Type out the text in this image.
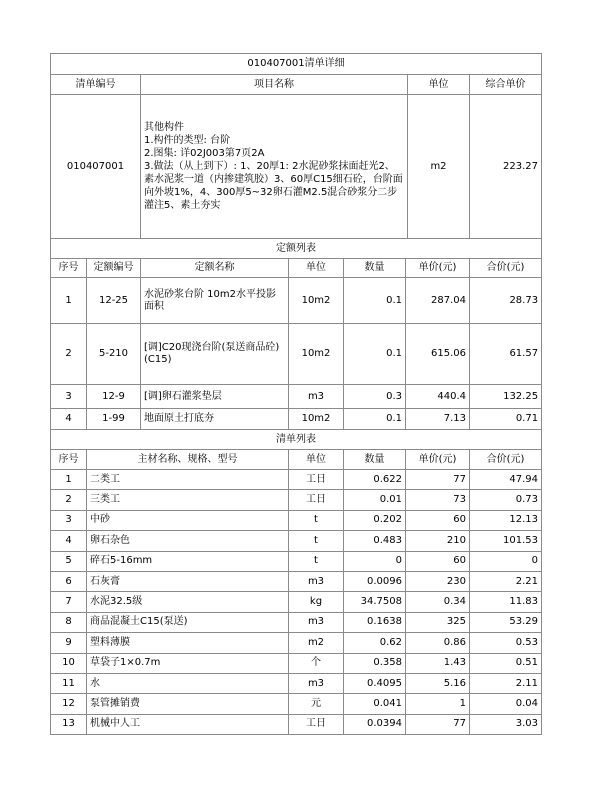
010407001清单详细			
清单编号	项目名称	单位	综合单价
010407001	其他构件
1.构件的类型: 台阶
2.图集: 详02J003第7页2A
3.做法（从上到下）: 1、20厚1: 2水泥砂浆抹面赶光2、素水泥浆一道（内掺建筑胶）3、60厚C15细石砼，台阶面向外坡1%，4、300厚5~32卵石灌M2.5混合砂浆分二步灌注5、素土夯实	m2	223.27
定额列表						
序号	定额编号	定额名称	单位	数量	单价(元)	合价(元)
1	12-25	水泥砂浆台阶 10m2水平投影面积	10m2	0.1	287.04	28.73
2	5-210	[调]C20现浇台阶(泵送商品砼)(C15)	10m2	0.1	615.06	61.57
3	12-9	[调]卵石灌浆垫层	m3	0.3	440.4	132.25
4	1-99	地面原土打底夯	10m2	0.1	7.13	0.71
清单列表					
序号	主材名称、规格、型号	单位	数量	单价(元)	合价(元)
1	二类工	工日	0.622	77	47.94
2	三类工	工日	0.01	73	0.73
3	中砂	t	0.202	60	12.13
4	卵石杂色	t	0.483	210	101.53
5	碎石5-16mm	t	0	60	0
6	石灰膏	m3	0.0096	230	2.21
7	水泥32.5级	kg	34.7508	0.34	11.83
8	商品混凝土C15(泵送)	m3	0.1638	325	53.29
9	塑料薄膜	m2	0.62	0.86	0.53
10	草袋子1×0.7m	个	0.358	1.43	0.51
11	水	m3	0.4095	5.16	2.11
12	泵管摊销费	元	0.041	1	0.04
13	机械中人工	工日	0.0394	77	3.03
